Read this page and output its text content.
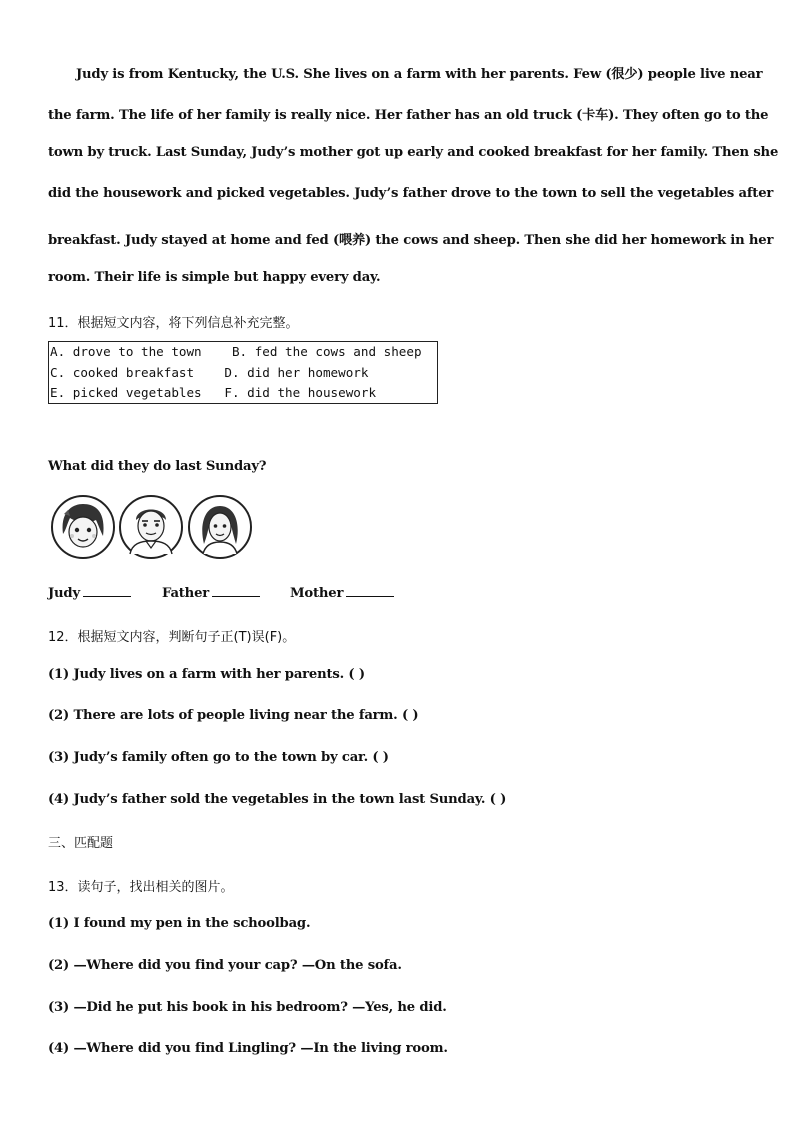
Judy is from Kentucky, the U.S. She lives on a farm with her parents. Few (很少) people live near
the farm. The life of her family is really nice. Her father has an old truck (卡车). They often go to the
town by truck. Last Sunday, Judy’s mother got up early and cooked breakfast for her family. Then she
did the housework and picked vegetables. Judy’s father drove to the town to sell the vegetables after
breakfast. Judy stayed at home and fed (喂养) the cows and sheep. Then she did her homework in her
room. Their life is simple but happy every day.
11．根据短文内容，将下列信息补充完整。
A. drove to the town    B. fed the cows and sheep
C. cooked breakfast    D. did her homework
E. picked vegetables   F. did the housework
What did they do last Sunday?
Judy	Father	Mother
12．根据短文内容，判断句子正(T)误(F)。
(1) Judy lives on a farm with her parents. ( )
(2) There are lots of people living near the farm. ( )
(3) Judy’s family often go to the town by car. ( )
(4) Judy’s father sold the vegetables in the town last Sunday. ( )
三、匹配题
13．读句子，找出相关的图片。
(1) I found my pen in the schoolbag.
(2) —Where did you find your cap? —On the sofa.
(3) —Did he put his book in his bedroom? —Yes, he did.
(4) —Where did you find Lingling? —In the living room.
